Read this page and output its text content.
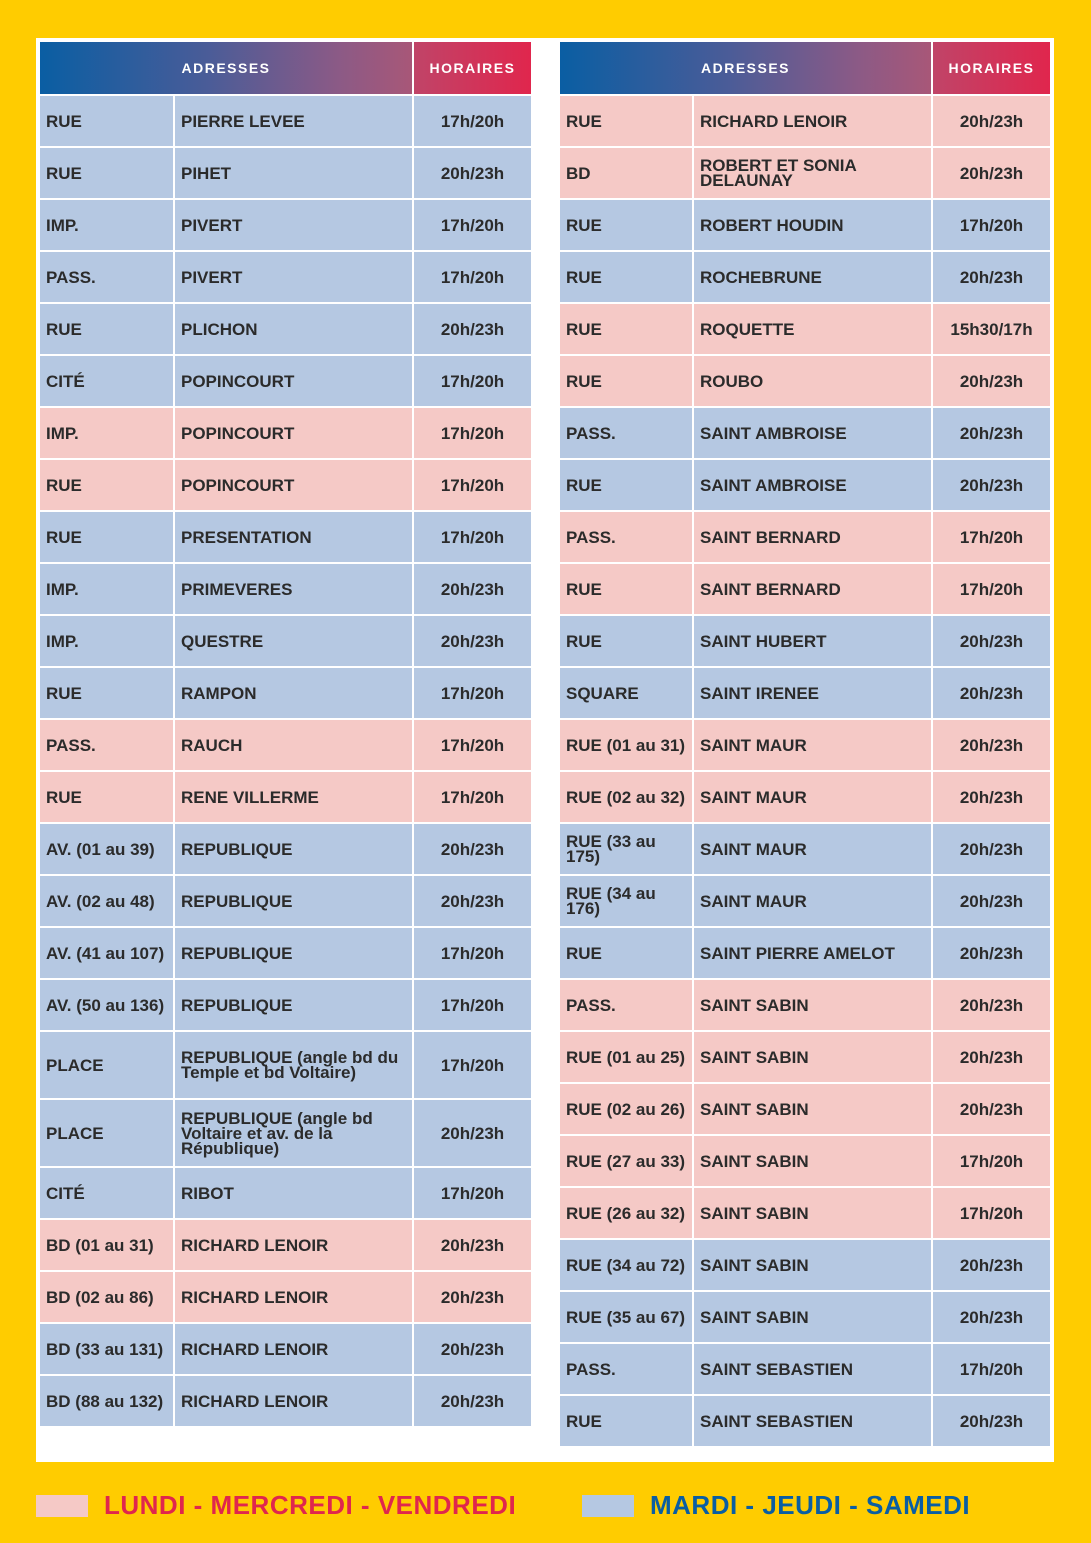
ADRESSES		HORAIRES
RUE	PIERRE LEVEE	17h/20h
RUE	PIHET	20h/23h
IMP.	PIVERT	17h/20h
PASS.	PIVERT	17h/20h
RUE	PLICHON	20h/23h
CITÉ	POPINCOURT	17h/20h
IMP.	POPINCOURT	17h/20h
RUE	POPINCOURT	17h/20h
RUE	PRESENTATION	17h/20h
IMP.	PRIMEVERES	20h/23h
IMP.	QUESTRE	20h/23h
RUE	RAMPON	17h/20h
PASS.	RAUCH	17h/20h
RUE	RENE VILLERME	17h/20h
AV. (01 au 39)	REPUBLIQUE	20h/23h
AV. (02 au 48)	REPUBLIQUE	20h/23h
AV. (41 au 107)	REPUBLIQUE	17h/20h
AV. (50 au 136)	REPUBLIQUE	17h/20h
PLACE	REPUBLIQUE (angle bd du Temple et bd Voltaire)	17h/20h
PLACE	REPUBLIQUE (angle bd Voltaire et av. de la République)	20h/23h
CITÉ	RIBOT	17h/20h
BD (01 au 31)	RICHARD LENOIR	20h/23h
BD (02 au 86)	RICHARD LENOIR	20h/23h
BD (33 au 131)	RICHARD LENOIR	20h/23h
BD (88 au 132)	RICHARD LENOIR	20h/23h
ADRESSES		HORAIRES
RUE	RICHARD LENOIR	20h/23h
BD	ROBERT ET SONIA DELAUNAY	20h/23h
RUE	ROBERT HOUDIN	17h/20h
RUE	ROCHEBRUNE	20h/23h
RUE	ROQUETTE	15h30/17h
RUE	ROUBO	20h/23h
PASS.	SAINT AMBROISE	20h/23h
RUE	SAINT AMBROISE	20h/23h
PASS.	SAINT BERNARD	17h/20h
RUE	SAINT BERNARD	17h/20h
RUE	SAINT HUBERT	20h/23h
SQUARE	SAINT IRENEE	20h/23h
RUE (01 au 31)	SAINT MAUR	20h/23h
RUE (02 au 32)	SAINT MAUR	20h/23h
RUE (33 au 175)	SAINT MAUR	20h/23h
RUE (34 au 176)	SAINT MAUR	20h/23h
RUE	SAINT PIERRE AMELOT	20h/23h
PASS.	SAINT SABIN	20h/23h
RUE (01 au 25)	SAINT SABIN	20h/23h
RUE (02 au 26)	SAINT SABIN	20h/23h
RUE (27 au 33)	SAINT SABIN	17h/20h
RUE (26 au 32)	SAINT SABIN	17h/20h
RUE (34 au 72)	SAINT SABIN	20h/23h
RUE (35 au 67)	SAINT SABIN	20h/23h
PASS.	SAINT SEBASTIEN	17h/20h
RUE	SAINT SEBASTIEN	20h/23h
LUNDI - MERCREDI - VENDREDI	MARDI - JEUDI - SAMEDI
